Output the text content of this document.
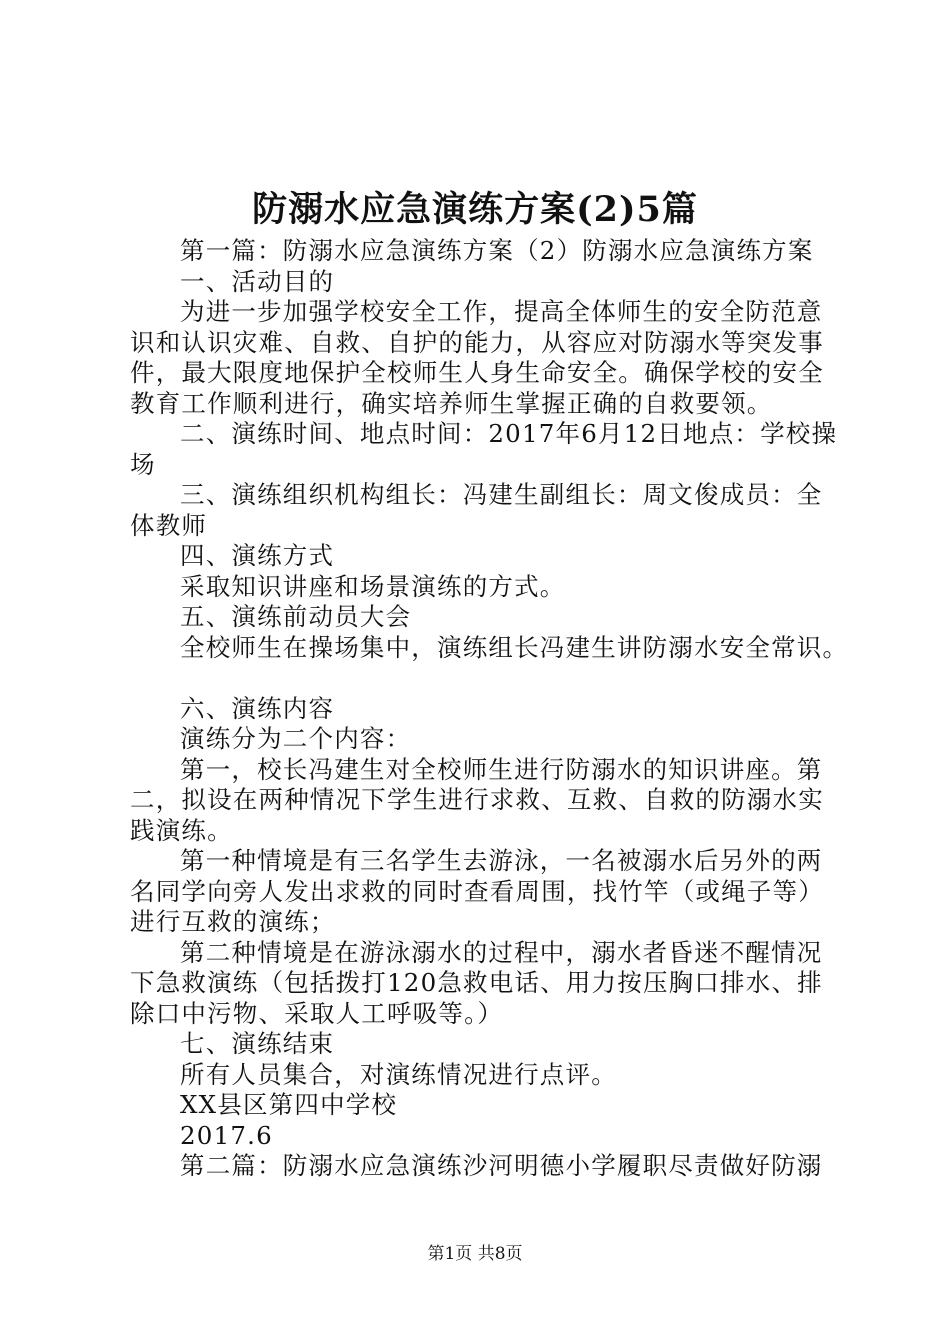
防溺水应急演练方案(2)5篇

第一篇：防溺水应急演练方案（2）防溺水应急演练方案

一、活动目的

为进一步加强学校安全工作，提高全体师生的安全防范意

识和认识灾难、自救、自护的能力，从容应对防溺水等突发事

件，最大限度地保护全校师生人身生命安全。确保学校的安全

教育工作顺利进行，确实培养师生掌握正确的自救要领。

二、演练时间、地点时间：2017年6月12日地点：学校操

场

三、演练组织机构组长：冯建生副组长：周文俊成员：全

体教师

四、演练方式

采取知识讲座和场景演练的方式。

五、演练前动员大会

全校师生在操场集中，演练组长冯建生讲防溺水安全常识。

六、演练内容

演练分为二个内容：

第一，校长冯建生对全校师生进行防溺水的知识讲座。第

二，拟设在两种情况下学生进行求救、互救、自救的防溺水实

践演练。

第一种情境是有三名学生去游泳，一名被溺水后另外的两

名同学向旁人发出求救的同时查看周围，找竹竿（或绳子等）

进行互救的演练；

第二种情境是在游泳溺水的过程中，溺水者昏迷不醒情况

下急救演练（包括拨打120急救电话、用力按压胸口排水、排

除口中污物、采取人工呼吸等。）

七、演练结束

所有人员集合，对演练情况进行点评。

XX县区第四中学校

2017.6

第二篇：防溺水应急演练沙河明德小学履职尽责做好防溺

第1页 共8页
